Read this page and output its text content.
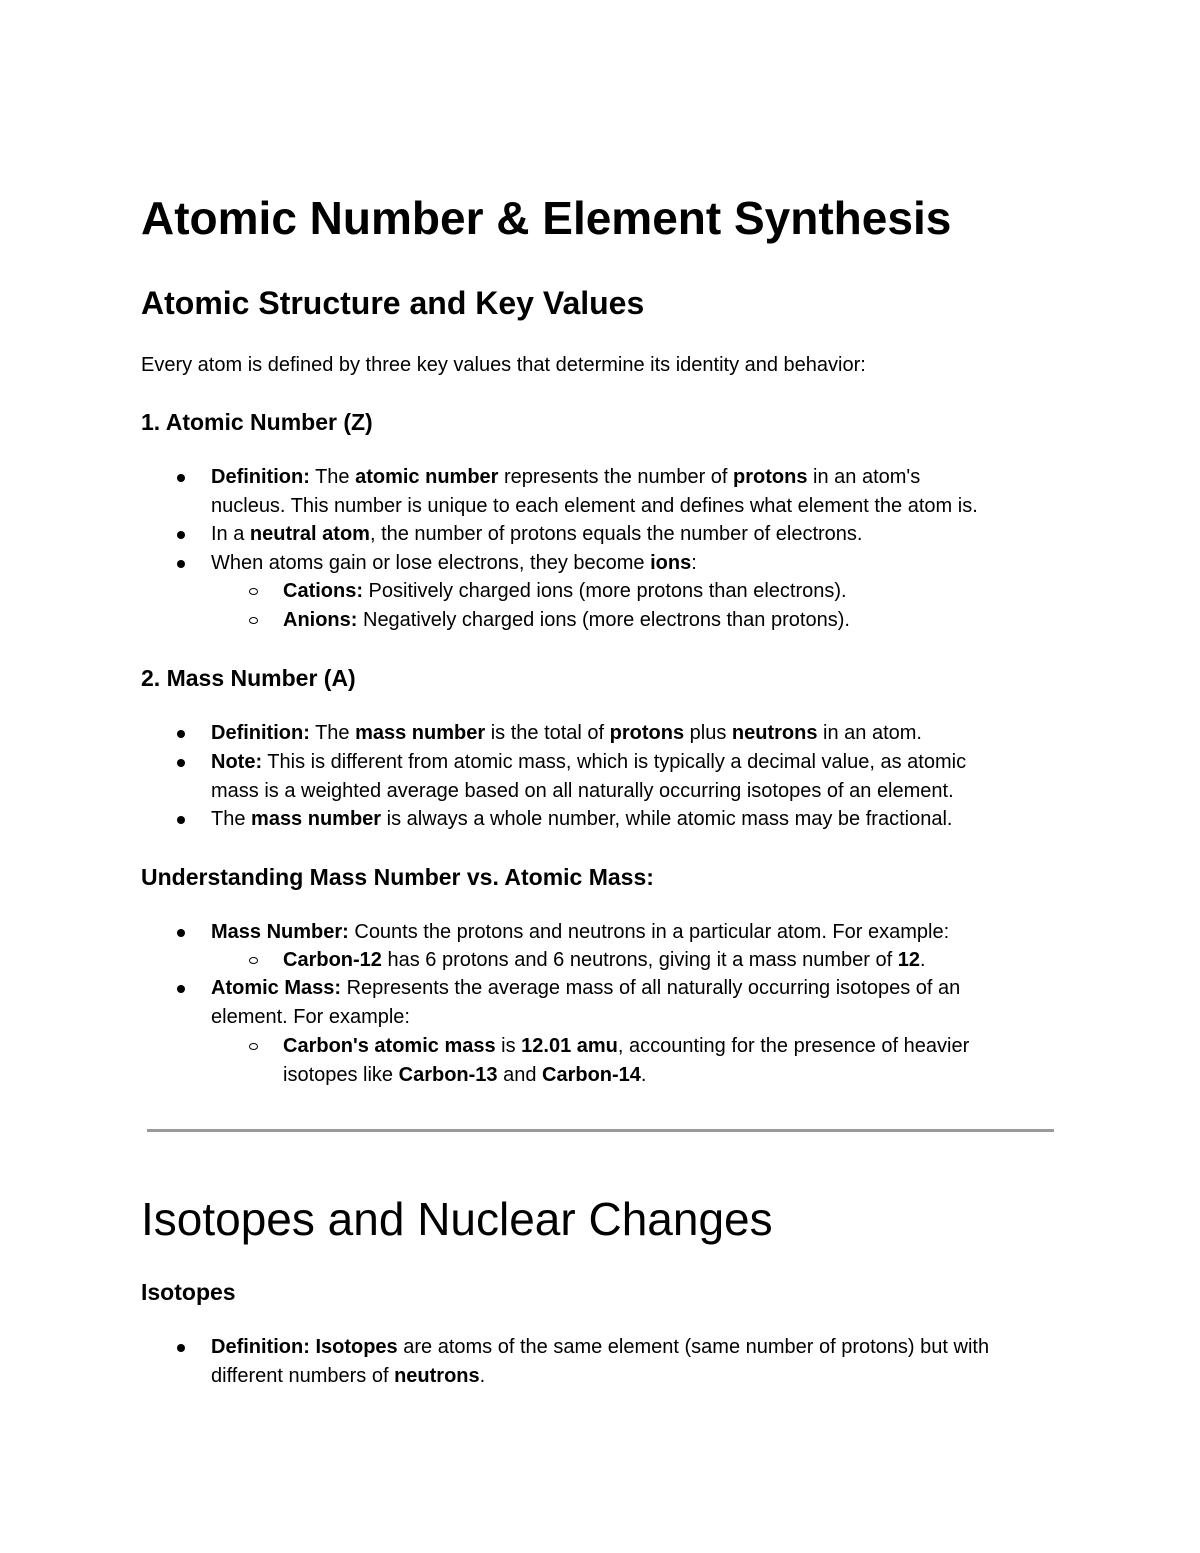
Atomic Number & Element Synthesis
Atomic Structure and Key Values
Every atom is defined by three key values that determine its identity and behavior:
1. Atomic Number (Z)
Definition: The atomic number represents the number of protons in an atom's
nucleus. This number is unique to each element and defines what element the atom is.
In a neutral atom, the number of protons equals the number of electrons.
When atoms gain or lose electrons, they become ions:
Cations: Positively charged ions (more protons than electrons).
Anions: Negatively charged ions (more electrons than protons).
2. Mass Number (A)
Definition: The mass number is the total of protons plus neutrons in an atom.
Note: This is different from atomic mass, which is typically a decimal value, as atomic
mass is a weighted average based on all naturally occurring isotopes of an element.
The mass number is always a whole number, while atomic mass may be fractional.
Understanding Mass Number vs. Atomic Mass:
Mass Number: Counts the protons and neutrons in a particular atom. For example:
Carbon-12 has 6 protons and 6 neutrons, giving it a mass number of 12.
Atomic Mass: Represents the average mass of all naturally occurring isotopes of an
element. For example:
Carbon's atomic mass is 12.01 amu, accounting for the presence of heavier
isotopes like Carbon-13 and Carbon-14.
Isotopes and Nuclear Changes
Isotopes
Definition: Isotopes are atoms of the same element (same number of protons) but with
different numbers of neutrons.
